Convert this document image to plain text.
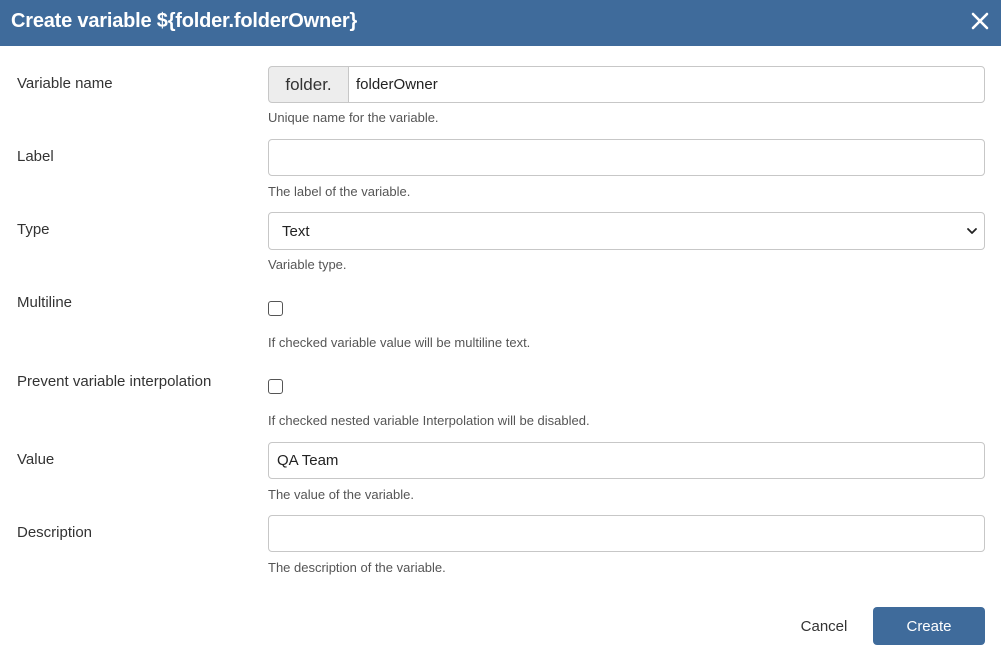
Create variable ${folder.folderOwner}
Variable name	folder.	folderOwner
Unique name for the variable.
Label
The label of the variable.
Type	Text
Variable type.
Multiline
If checked variable value will be multiline text.
Prevent variable interpolation
If checked nested variable Interpolation will be disabled.
Value	QA Team
The value of the variable.
Description
The description of the variable.
Cancel	Create
